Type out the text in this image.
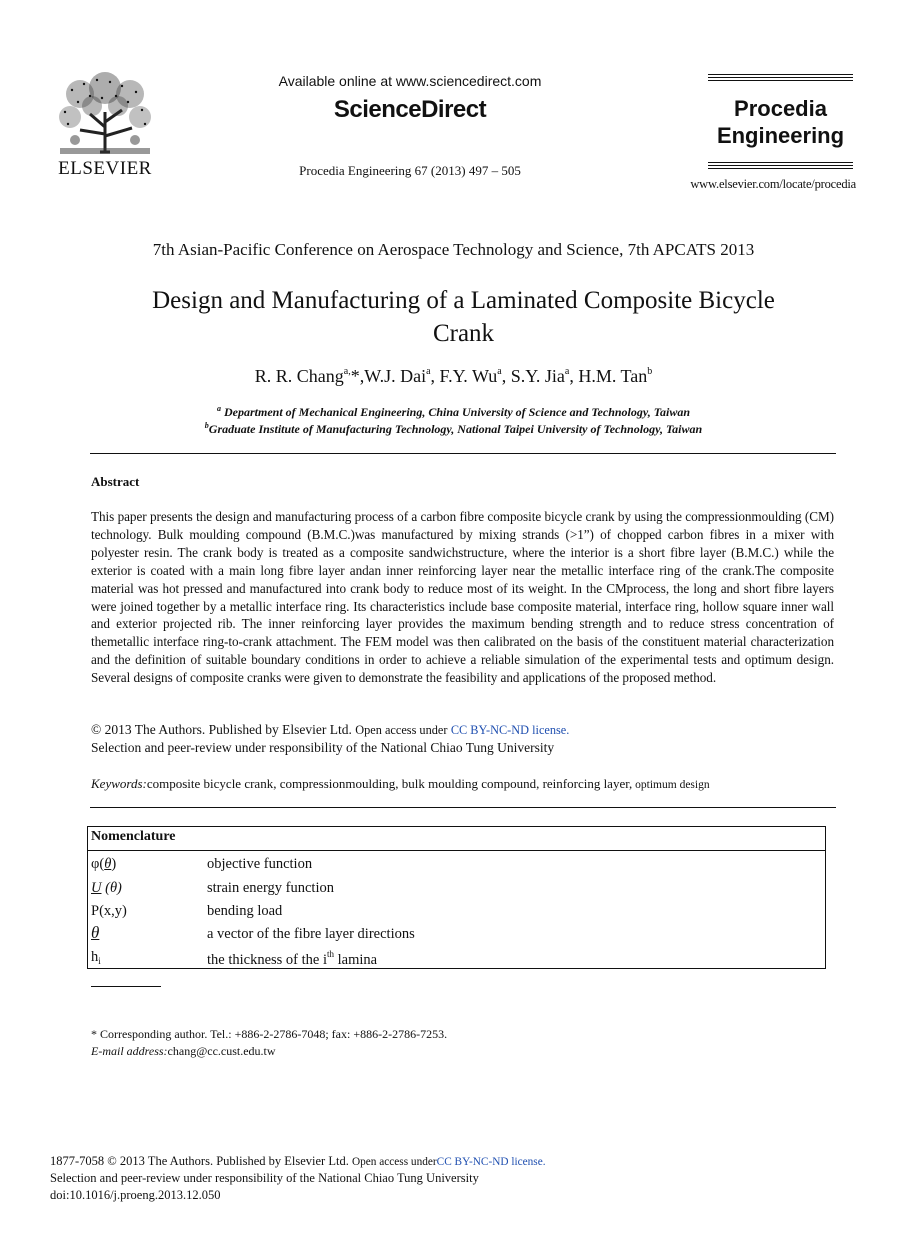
ELSEVIER
Available online at www.sciencedirect.com
ScienceDirect
Procedia Engineering 67 (2013) 497 – 505
Procedia
Engineering
www.elsevier.com/locate/procedia
7th Asian-Pacific Conference on Aerospace Technology and Science, 7th APCATS 2013
Design and Manufacturing of a Laminated Composite Bicycle
Crank
R. R. Chang$^{a,}$*,W.J. Dai$^a$, F.Y. Wu$^a$, S.Y. Jia$^a$, H.M. Tan$^b$
$^a$ Department of Mechanical Engineering, China University of Science and Technology, Taiwan
$^b$Graduate Institute of Manufacturing Technology, National Taipei University of Technology, Taiwan
Abstract
This paper presents the design and manufacturing process of a carbon fibre composite bicycle crank by using the compressionmoulding (CM) technology. Bulk moulding compound (B.M.C.)was manufactured by mixing strands (>1”) of chopped carbon fibres in a mixer with polyester resin. The crank body is treated as a composite sandwichstructure, where the interior is a short fibre layer (B.M.C.) while the exterior is coated with a main long fibre layer andan inner reinforcing layer near the metallic interface ring of the crank.The composite material was hot pressed and manufactured into crank body to reduce most of its weight. In the CMprocess, the long and short fibre layers were joined together by a metallic interface ring. Its characteristics include base composite material, interface ring, hollow square inner wall and exterior projected rib. The inner reinforcing layer provides the maximum bending strength and to reduce stress concentration of themetallic interface ring-to-crank attachment. The FEM model was then calibrated on the basis of the constituent material characterization and the definition of suitable boundary conditions in order to achieve a reliable simulation of the experimental tests and optimum design. Several designs of composite cranks were given to demonstrate the feasibility and applications of the proposed method.
© 2013 The Authors. Published by Elsevier Ltd. Open access under CC BY-NC-ND license.
Selection and peer-review under responsibility of the National Chiao Tung University
Keywords:composite bicycle crank, compressionmoulding, bulk moulding compound, reinforcing layer, optimum design
Nomenclature
φ(θ)	objective function
U (θ)	strain energy function
P(x,y)	bending load
θ	a vector of the fibre layer directions
$h_i$	the thickness of the $i^{th}$ lamina
* Corresponding author. Tel.: +886-2-2786-7048; fax: +886-2-2786-7253.
E-mail address:chang@cc.cust.edu.tw
1877-7058 © 2013 The Authors. Published by Elsevier Ltd. Open access underCC BY-NC-ND license.
Selection and peer-review under responsibility of the National Chiao Tung University
doi:10.1016/j.proeng.2013.12.050
